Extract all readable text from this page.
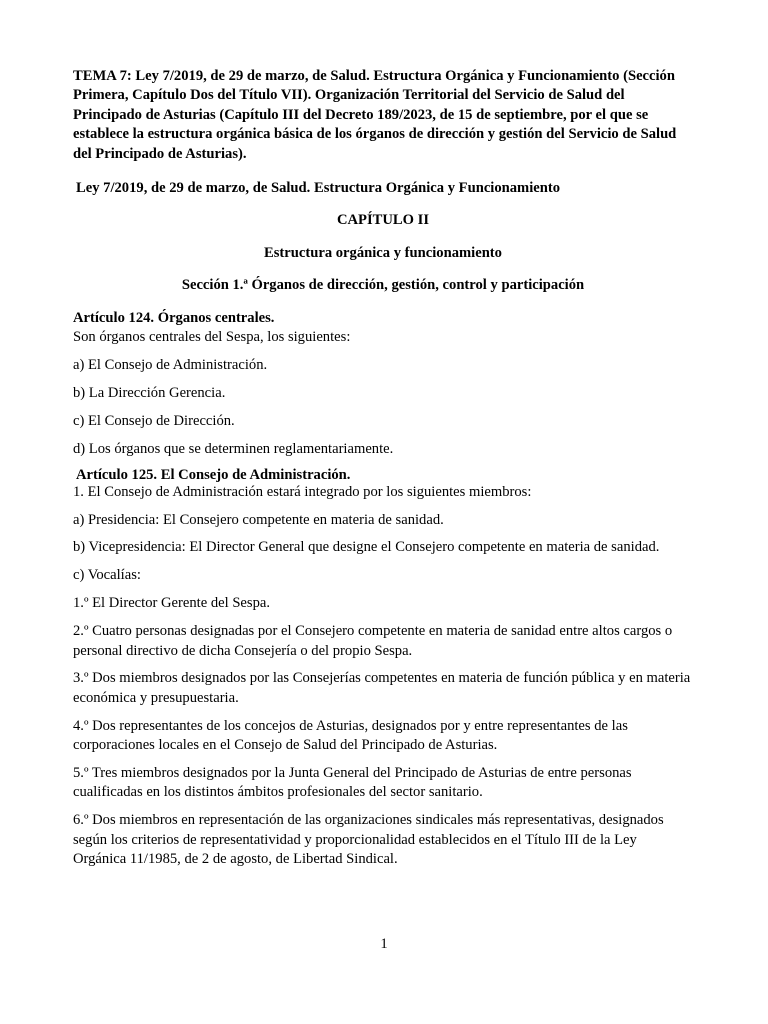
TEMA 7: Ley 7/2019, de 29 de marzo, de Salud. Estructura Orgánica y Funcionamiento (Sección Primera, Capítulo Dos del Título VII). Organización Territorial del Servicio de Salud del Principado de Asturias (Capítulo III del Decreto 189/2023, de 15 de septiembre, por el que se establece la estructura orgánica básica de los órganos de dirección y gestión del Servicio de Salud del Principado de Asturias).

Ley 7/2019, de 29 de marzo, de Salud. Estructura Orgánica y Funcionamiento

CAPÍTULO II

Estructura orgánica y funcionamiento

Sección 1.ª Órganos de dirección, gestión, control y participación

Artículo 124. Órganos centrales.

Son órganos centrales del Sespa, los siguientes:

a) El Consejo de Administración.

b) La Dirección Gerencia.

c) El Consejo de Dirección.

d) Los órganos que se determinen reglamentariamente.

Artículo 125. El Consejo de Administración.

1. El Consejo de Administración estará integrado por los siguientes miembros:

a) Presidencia: El Consejero competente en materia de sanidad.

b) Vicepresidencia: El Director General que designe el Consejero competente en materia de sanidad.

c) Vocalías:

1.º El Director Gerente del Sespa.

2.º Cuatro personas designadas por el Consejero competente en materia de sanidad entre altos cargos o personal directivo de dicha Consejería o del propio Sespa.

3.º Dos miembros designados por las Consejerías competentes en materia de función pública y en materia económica y presupuestaria.

4.º Dos representantes de los concejos de Asturias, designados por y entre representantes de las corporaciones locales en el Consejo de Salud del Principado de Asturias.

5.º Tres miembros designados por la Junta General del Principado de Asturias de entre personas cualificadas en los distintos ámbitos profesionales del sector sanitario.

6.º Dos miembros en representación de las organizaciones sindicales más representativas, designados según los criterios de representatividad y proporcionalidad establecidos en el Título III de la Ley Orgánica 11/1985, de 2 de agosto, de Libertad Sindical.

1
